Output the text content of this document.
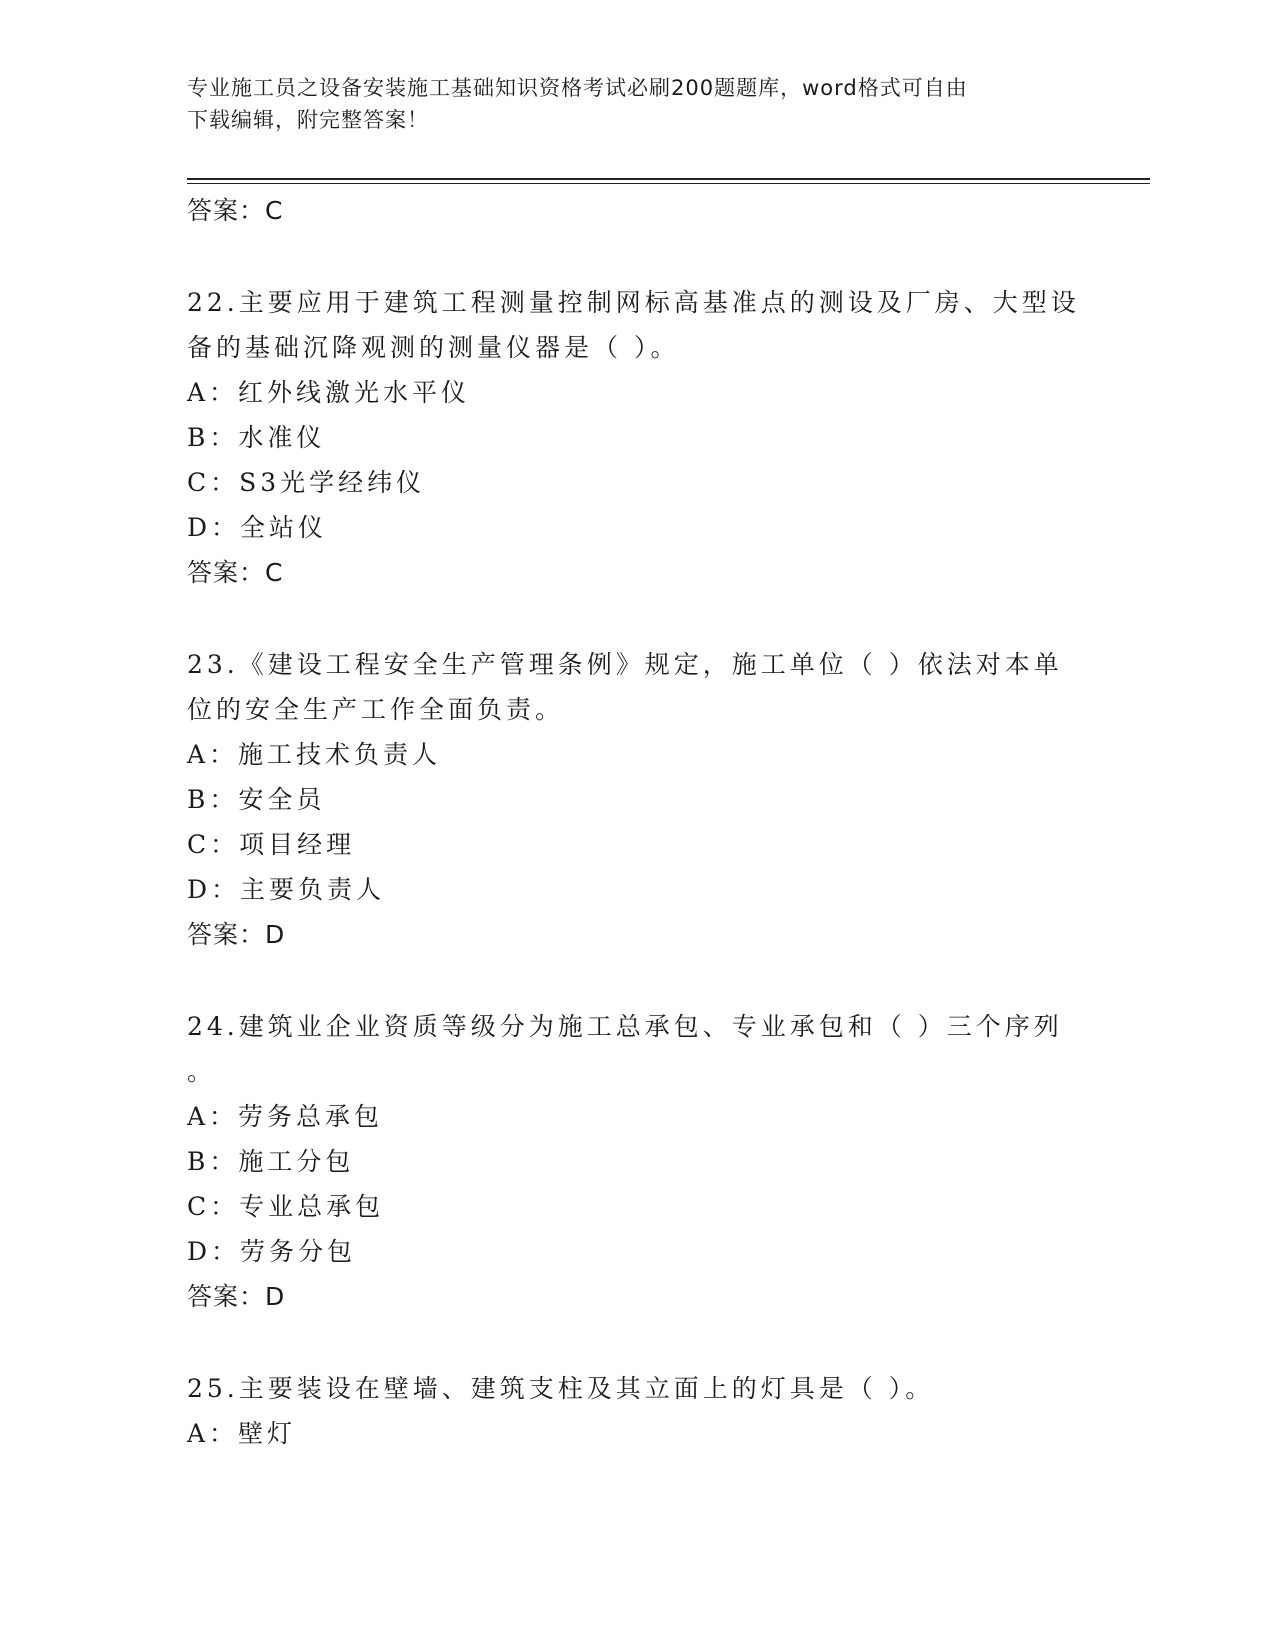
专业施工员之设备安装施工基础知识资格考试必刷200题题库，word格式可自由
下载编辑，附完整答案！
答案：C
22.主要应用于建筑工程测量控制网标高基准点的测设及厂房、大型设
备的基础沉降观测的测量仪器是（ ）。
A：红外线激光水平仪
B：水准仪
C：S3光学经纬仪
D：全站仪
答案：C
23.《建设工程安全生产管理条例》规定，施工单位（ ）依法对本单
位的安全生产工作全面负责。
A：施工技术负责人
B：安全员
C：项目经理
D：主要负责人
答案：D
24.建筑业企业资质等级分为施工总承包、专业承包和（ ）三个序列
。
A：劳务总承包
B：施工分包
C：专业总承包
D：劳务分包
答案：D
25.主要装设在壁墙、建筑支柱及其立面上的灯具是（ ）。
A：壁灯
